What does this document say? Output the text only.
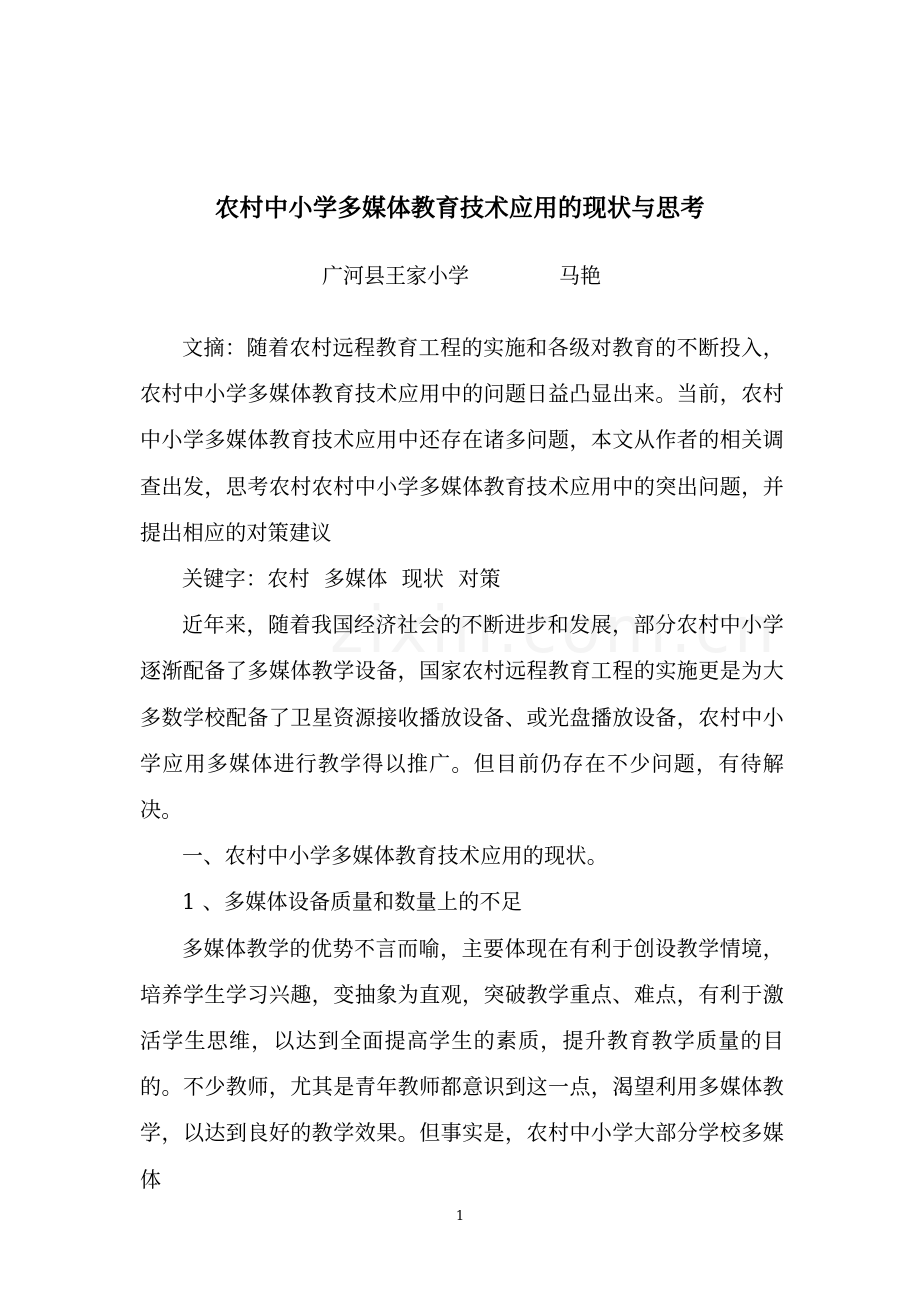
农村中小学多媒体教育技术应用的现状与思考
广河县王家小学	马艳

文摘：随着农村远程教育工程的实施和各级对教育的不断投入，农村中小学多媒体教育技术应用中的问题日益凸显出来。当前，农村中小学多媒体教育技术应用中还存在诸多问题，本文从作者的相关调查出发，思考农村农村中小学多媒体教育技术应用中的突出问题，并提出相应的对策建议

关键字：农村  多媒体  现状  对策

近年来，随着我国经济社会的不断进步和发展，部分农村中小学逐渐配备了多媒体教学设备，国家农村远程教育工程的实施更是为大多数学校配备了卫星资源接收播放设备、或光盘播放设备，农村中小学应用多媒体进行教学得以推广。但目前仍存在不少问题，有待解决。

一、农村中小学多媒体教育技术应用的现状。

1 、多媒体设备质量和数量上的不足

多媒体教学的优势不言而喻，主要体现在有利于创设教学情境，培养学生学习兴趣，变抽象为直观，突破教学重点、难点，有利于激活学生思维，以达到全面提高学生的素质，提升教育教学质量的目的。不少教师，尤其是青年教师都意识到这一点，渴望利用多媒体教学，以达到良好的教学效果。但事实是，农村中小学大部分学校多媒体

1
